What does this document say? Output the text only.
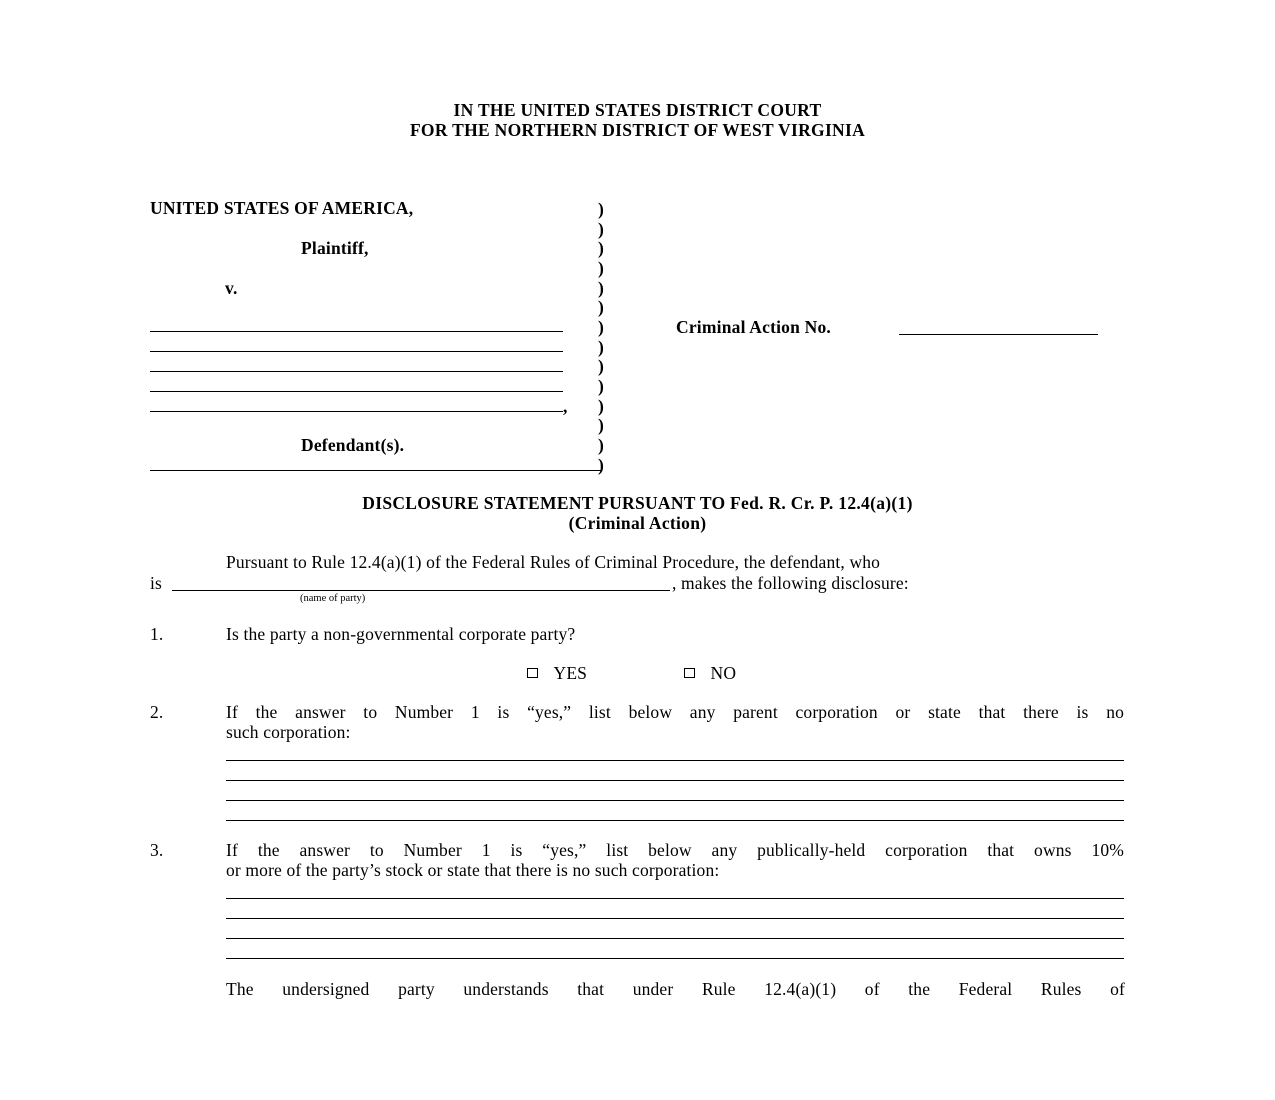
IN THE UNITED STATES DISTRICT COURT
FOR THE NORTHERN DISTRICT OF WEST VIRGINIA
UNITED STATES OF AMERICA,
Plaintiff,
v.
,
Defendant(s).
)
)
)
)
)
)
)
)
)
)
)
)
)
)
Criminal Action No.
DISCLOSURE STATEMENT PURSUANT TO Fed. R. Cr. P. 12.4(a)(1)
(Criminal Action)
Pursuant to Rule 12.4(a)(1) of the Federal Rules of Criminal Procedure, the defendant, who
is	, makes the following disclosure:
(name of party)
1.	Is the party a non-governmental corporate party?
YES	NO
2.	If the answer to Number 1 is “yes,” list below any parent corporation or state that there is no
such corporation:
3.	If the answer to Number 1 is “yes,” list below any publically-held corporation that owns 10%
or more of the party’s stock or state that there is no such corporation:
The undersigned party understands that under Rule 12.4(a)(1) of the Federal Rules of
